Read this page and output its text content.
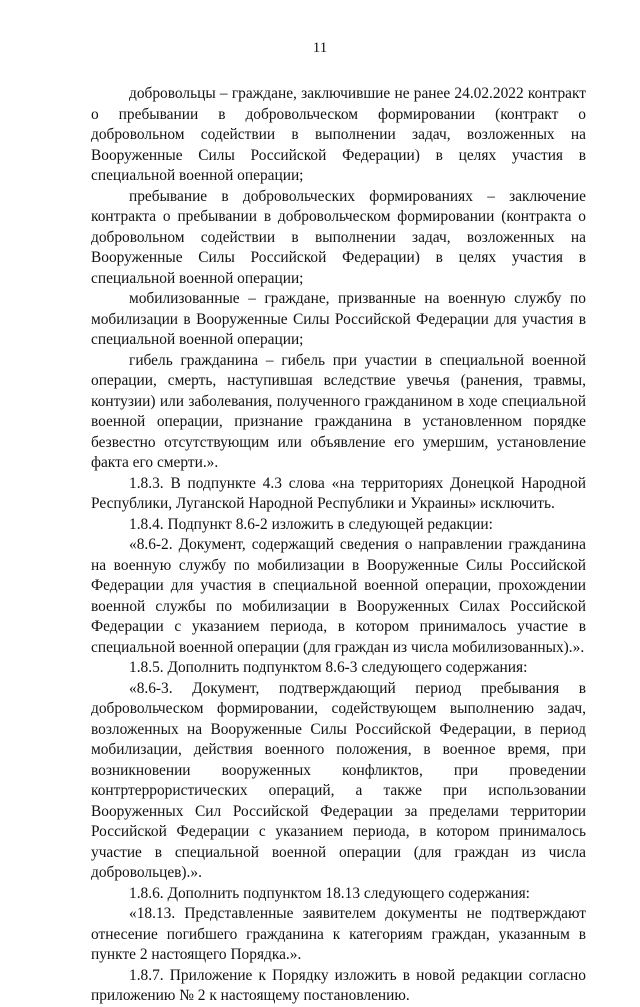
11

добровольцы – граждане, заключившие не ранее 24.02.2022 контракт о пребывании в добровольческом формировании (контракт о добровольном содействии в выполнении задач, возложенных на Вооруженные Силы Российской Федерации) в целях участия в специальной военной операции;

пребывание в добровольческих формированиях – заключение контракта о пребывании в добровольческом формировании (контракта о добровольном содействии в выполнении задач, возложенных на Вооруженные Силы Российской Федерации) в целях участия в специальной военной операции;

мобилизованные – граждане, призванные на военную службу по мобилизации в Вооруженные Силы Российской Федерации для участия в специальной военной операции;

гибель гражданина – гибель при участии в специальной военной операции, смерть, наступившая вследствие увечья (ранения, травмы, контузии) или заболевания, полученного гражданином в ходе специальной военной операции, признание гражданина в установленном порядке безвестно отсутствующим или объявление его умершим, установление факта его смерти.».

1.8.3. В подпункте 4.3 слова «на территориях Донецкой Народной Республики, Луганской Народной Республики и Украины» исключить.

1.8.4. Подпункт 8.6-2 изложить в следующей редакции:

«8.6-2. Документ, содержащий сведения о направлении гражданина на военную службу по мобилизации в Вооруженные Силы Российской Федерации для участия в специальной военной операции, прохождении военной службы по мобилизации в Вооруженных Силах Российской Федерации с указанием периода, в котором принималось участие в специальной военной операции (для граждан из числа мобилизованных).».

1.8.5. Дополнить подпунктом 8.6-3 следующего содержания:

«8.6-3. Документ, подтверждающий период пребывания в добровольческом формировании, содействующем выполнению задач, возложенных на Вооруженные Силы Российской Федерации, в период мобилизации, действия военного положения, в военное время, при возникновении вооруженных конфликтов, при проведении контртеррористических операций, а также при использовании Вооруженных Сил Российской Федерации за пределами территории Российской Федерации с указанием периода, в котором принималось участие в специальной военной операции (для граждан из числа добровольцев).».

1.8.6. Дополнить подпунктом 18.13 следующего содержания:

«18.13. Представленные заявителем документы не подтверждают отнесение погибшего гражданина к категориям граждан, указанным в пункте 2 настоящего Порядка.».

1.8.7. Приложение к Порядку изложить в новой редакции согласно приложению № 2 к настоящему постановлению.
